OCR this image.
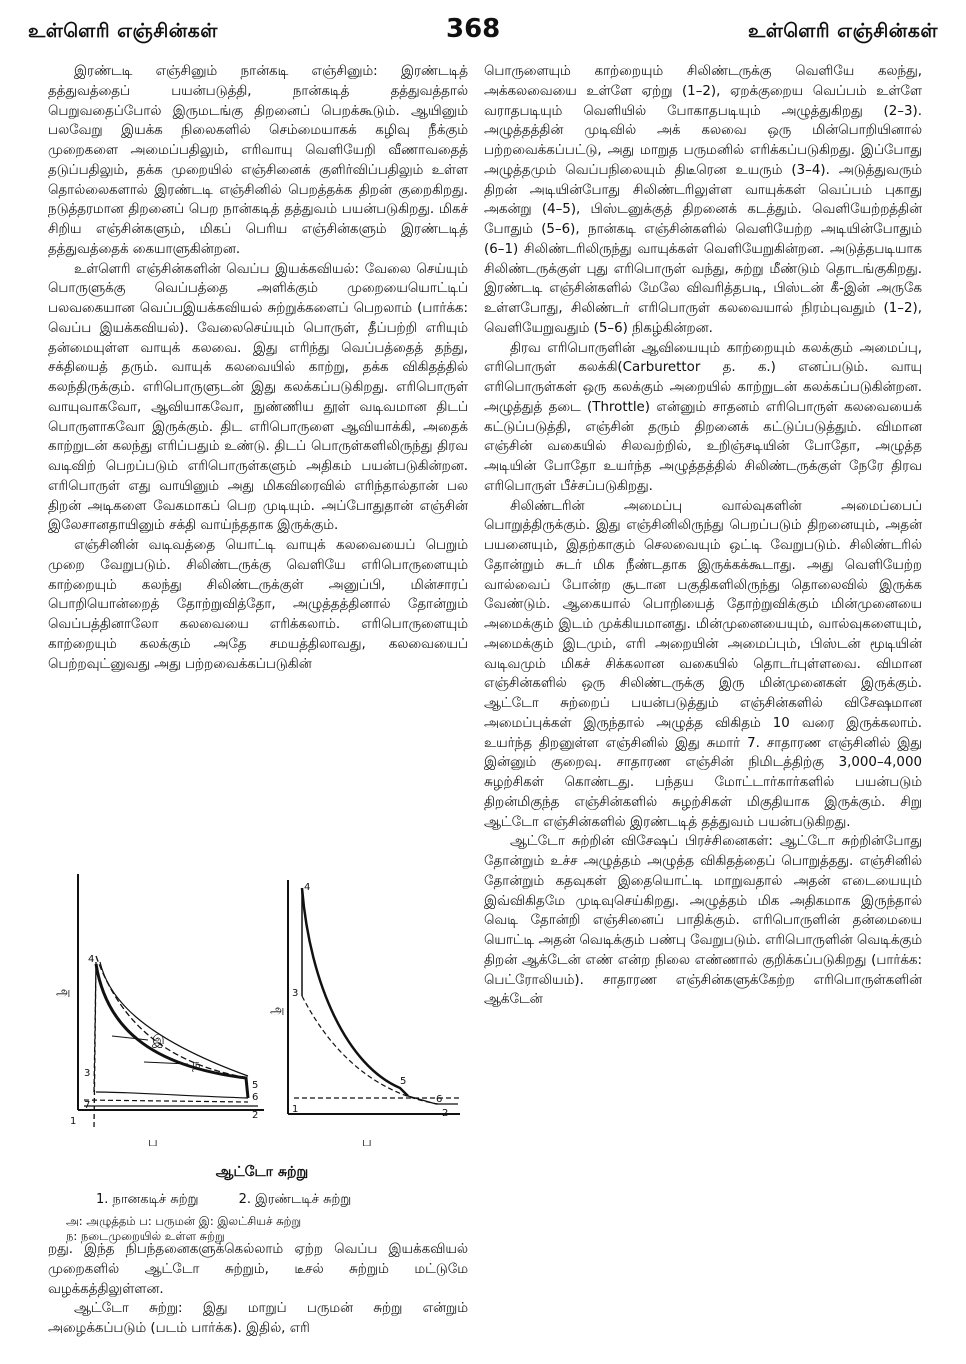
உள்ளெரி எஞ்சின்கள்	368	உள்ளெரி எஞ்சின்கள்

இரண்டடி எஞ்சினும் நான்கடி எஞ்சினும்: இரண்டடித் தத்துவத்தைப் பயன்படுத்தி, நான்கடித் தத்துவத்தால் பெறுவதைப்போல் இருமடங்கு திறனைப் பெறக்கூடும். ஆயினும் பலவேறு இயக்க நிலைகளில் செம்மையாகக் கழிவு நீக்கும் முறைகளை அமைப்பதிலும், எரிவாயு வெளியேறி வீணாவதைத் தடுப்பதிலும், தக்க முறையில் எஞ்சினைக் குளிர்விப்பதிலும் உள்ள தொல்லைகளால் இரண்டடி எஞ்சினில் பெறத்தக்க திறன் குறைகிறது. நடுத்தரமான திறனைப் பெற நான்கடித் தத்துவம் பயன்படுகிறது. மிகச் சிறிய எஞ்சின்களும், மிகப் பெரிய எஞ்சின்களும் இரண்டடித் தத்துவத்தைக் கையாளுகின்றன.

உள்ளெரி எஞ்சின்களின் வெப்ப இயக்கவியல்: வேலை செய்யும் பொருளுக்கு வெப்பத்தை அளிக்கும் முறையையொட்டிப் பலவகையான வெப்பஇயக்கவியல் சுற்றுக்களைப் பெறலாம் (பார்க்க: வெப்ப இயக்கவியல்). வேலைசெய்யும் பொருள், தீப்பற்றி எரியும் தன்மையுள்ள வாயுக் கலவை. இது எரிந்து வெப்பத்தைத் தந்து, சக்தியைத் தரும். வாயுக் கலவையில் காற்று, தக்க விகிதத்தில் கலந்திருக்கும். எரிபொருளுடன் இது கலக்கப்படுகிறது. எரிபொருள் வாயுவாகவோ, ஆவியாகவோ, நுண்ணிய தூள் வடிவமான திடப் பொருளாகவோ இருக்கும். திட எரிபொருளை ஆவியாக்கி, அதைக் காற்றுடன் கலந்து எரிப்பதும் உண்டு. திடப் பொருள்களிலிருந்து திரவ வடிவிற் பெறப்படும் எரிபொருள்களும் அதிகம் பயன்படுகின்றன. எரிபொருள் எது வாயினும் அது மிகவிரைவில் எரிந்தால்தான் பல திறன் அடிகளை வேகமாகப் பெற முடியும். அப்போதுதான் எஞ்சின் இலேசானதாயினும் சக்தி வாய்ந்ததாக இருக்கும்.

எஞ்சினின் வடிவத்தை யொட்டி வாயுக் கலவையைப் பெறும் முறை வேறுபடும். சிலிண்டருக்கு வெளியே எரிபொருளையும் காற்றையும் கலந்து சிலிண்டருக்குள் அனுப்பி, மின்சாரப் பொறியொன்றைத் தோற்றுவித்தோ, அழுத்தத்தினால் தோன்றும் வெப்பத்தினாலோ கலவையை எரிக்கலாம். எரிபொருளையும் காற்றையும் கலக்கும் அதே சமயத்திலாவது, கலவையைப் பெற்றவுட்னுவது அது பற்றவைக்கப்படுகின்

அ
ப
இ
ந
அ
ப
4
3
7
1
5
6
2
4
3
1
5
6
2
ஆட்டோ சுற்று
1. நானகடிச் சுற்று	2. இரண்டடிச் சுற்று
அ: அழுத்தம் ப: பருமன் இ: இலட்சியச் சுற்று
ந: நடைமுறையில் உள்ள சுற்று

றது. இந்த நிபந்தனைகளுக்கெல்லாம் ஏற்ற வெப்ப இயக்கவியல் முறைகளில் ஆட்டோ சுற்றும், டீசல் சுற்றும் மட்டுமே வழக்கத்திலுள்ளன.

ஆட்டோ சுற்று: இது மாறுப் பருமன் சுற்று என்றும் அழைக்கப்படும் (படம் பார்க்க). இதில், எரி

பொருளையும் காற்றையும் சிலிண்டருக்கு வெளியே கலந்து, அக்கலவையை உள்ளே ஏற்று (1–2), ஏறக்குறைய வெப்பம் உள்ளே வராதபடியும் வெளியில் போகாதபடியும் அழுத்துகிறது (2–3). அழுத்தத்தின் முடிவில் அக் கலவை ஒரு மின்பொறியினால் பற்றவைக்கப்பட்டு, அது மாறுத பருமனில் எரிக்கப்படுகிறது. இப்போது அழுத்தமும் வெப்பநிலையும் திடீரென உயரும் (3–4). அடுத்துவரும் திறன் அடியின்போது சிலிண்டரிலுள்ள வாயுக்கள் வெப்பம் புகாது அகன்று (4–5), பிஸ்டனுக்குத் திறனைக் கடத்தும். வெளியேற்றத்தின் போதும் (5–6), நான்கடி எஞ்சின்களில் வெளியேற்ற அடியின்போதும் (6–1) சிலிண்டரிலிருந்து வாயுக்கள் வெளியேறுகின்றன. அடுத்தபடியாக சிலிண்டருக்குள் புது எரிபொருள் வந்து, சுற்று மீண்டும் தொடங்குகிறது. இரண்டடி எஞ்சின்களில் மேலே விவரித்தபடி, பிஸ்டன் கீ-இன் அருகே உள்ளபோது, சிலிண்டர் எரிபொருள் கலவையால் நிரம்புவதும் (1–2), வெளியேறுவதும் (5–6) நிகழ்கின்றன.

திரவ எரிபொருளின் ஆவியையும் காற்றையும் கலக்கும் அமைப்பு, எரிபொருள் கலக்கி(Carburettor த. க.) எனப்படும். வாயு எரிபொருள்கள் ஒரு கலக்கும் அறையில் காற்றுடன் கலக்கப்படுகின்றன. அழுத்துத் தடை (Throttle) என்னும் சாதனம் எரிபொருள் கலவையைக் கட்டுப்படுத்தி, எஞ்சின் தரும் திறனைக் கட்டுப்படுத்தும். விமான எஞ்சின் வகையில் சிலவற்றில், உறிஞ்சடியின் போதோ, அழுத்த அடியின் போதோ உயர்ந்த அழுத்தத்தில் சிலிண்டருக்குள் நேரே திரவ எரிபொருள் பீச்சப்படுகிறது.

சிலிண்டரின் அமைப்பு வால்வுகளின் அமைப்பைப் பொறுத்திருக்கும். இது எஞ்சினிலிருந்து பெறப்படும் திறனையும், அதன் பயனையும், இதற்காகும் செலவையும் ஒட்டி வேறுபடும். சிலிண்டரில் தோன்றும் சுடர் மிக நீண்டதாக இருக்கக்கூடாது. அது வெளியேற்ற வால்வைப் போன்ற சூடான பகுதிகளிலிருந்து தொலைவில் இருக்க வேண்டும். ஆகையால் பொறியைத் தோற்றுவிக்கும் மின்முனையை அமைக்கும் இடம் முக்கியமானது. மின்முனையையும், வால்வுகளையும், அமைக்கும் இடமும், எரி அறையின் அமைப்பும், பிஸ்டன் மூடியின் வடிவமும் மிகச் சிக்கலான வகையில் தொடர்புள்ளவை. விமான எஞ்சின்களில் ஒரு சிலிண்டருக்கு இரு மின்முனைகள் இருக்கும். ஆட்டோ சுற்றைப் பயன்படுத்தும் எஞ்சின்களில் விசேஷமான அமைப்புக்கள் இருந்தால் அழுத்த விகிதம் 10 வரை இருக்கலாம். உயர்ந்த திறனுள்ள எஞ்சினில் இது சுமார் 7. சாதாரண எஞ்சினில் இது இன்னும் குறைவு. சாதாரண எஞ்சின் நிமிடத்திற்கு 3,000–4,000 சுழற்சிகள் கொண்டது. பந்தய மோட்டார்கார்களில் பயன்படும் திறன்மிகுந்த எஞ்சின்களில் சுழற்சிகள் மிகுதியாக இருக்கும். சிறு ஆட்டோ எஞ்சின்களில் இரண்டடித் தத்துவம் பயன்படுகிறது.

ஆட்டோ சுற்றின் விசேஷப் பிரச்சினைகள்: ஆட்டோ சுற்றின்போது தோன்றும் உச்ச அழுத்தம் அழுத்த விகிதத்தைப் பொறுத்தது. எஞ்சினில் தோன்றும் கதவுகள் இதையொட்டி மாறுவதால் அதன் எடையையும் இவ்விகிதமே முடிவுசெய்கிறது. அழுத்தம் மிக அதிகமாக இருந்தால் வெடி தோன்றி எஞ்சினைப் பாதிக்கும். எரிபொருளின் தன்மையை யொட்டி அதன் வெடிக்கும் பண்பு வேறுபடும். எரிபொருளின் வெடிக்கும் திறன் ஆக்டேன் எண் என்ற நிலை எண்ணால் குறிக்கப்படுகிறது (பார்க்க: பெட்ரோலியம்). சாதாரண எஞ்சின்களுக்கேற்ற எரிபொருள்களின் ஆக்டேன்
